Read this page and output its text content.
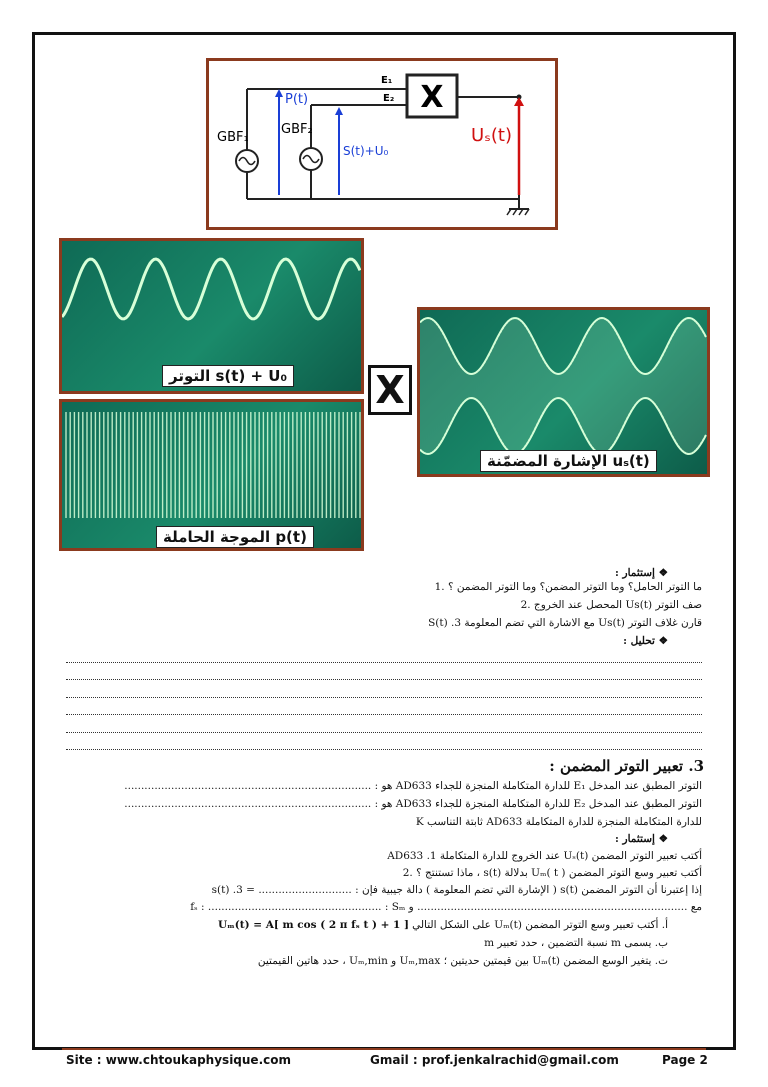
X
GBF₁
GBF₂
P(t)
S(t)+U₀
E₁
E₂
Uₛ(t)
التوتر s(t) + U₀
الموجة الحاملة p(t)
X
الإشارة المضمّنة uₛ(t)
❖ إستثمار :
ما التوتر الحامل؟ وما التوتر المضمن؟ وما التوتر المضمن ؟ .1
صف التوتر Us(t) المحصل عند الخروج .2
قارن غلاف التوتر Us(t) مع الاشارة التي تضم المعلومة S(t) .3
❖ تحليل :
3. تعبير التوتر المضمن :
التوتر المطبق عند المدخل E₁ للدارة المتكاملة المنجزة للجداء AD633 هو : ..........................................................................
التوتر المطبق عند المدخل E₂ للدارة المتكاملة المنجزة للجداء AD633 هو : ..........................................................................
للدارة المتكاملة المنجزة للدارة المتكاملة AD633 ثابتة التناسب K
❖ إستثمار :
أكتب تعبير التوتر المضمن Uₛ(t) عند الخروج للدارة المتكاملة AD633 .1
أكتب تعبير وسع التوتر المضمن Uₘ( t ) بدلالة s(t) ، ماذا تستنتج ؟ .2
إذا إعتبرنا أن التوتر المضمن s(t) ( الإشارة التي تضم المعلومة ) دالة جيبية فإن : ............................ = s(t) .3
مع ................................................................................. و fₛ : .................................................... : Sₘ
أ. أكتب تعبير وسع التوتر المضمن Uₘ(t) على الشكل التالي :
Uₘ(t) = A[ m cos ( 2 π fₛ t ) + 1 ]
ب. يسمى m نسبة التضمين ، حدد تعبير m
ت. يتغير الوسع المضمن Uₘ(t) بين قيمتين حديتين ؛ Uₘ,max و Uₘ,min ، حدد هاتين القيمتين
Site : www.chtoukaphysique.com	Gmail : prof.jenkalrachid@gmail.com	Page 2
